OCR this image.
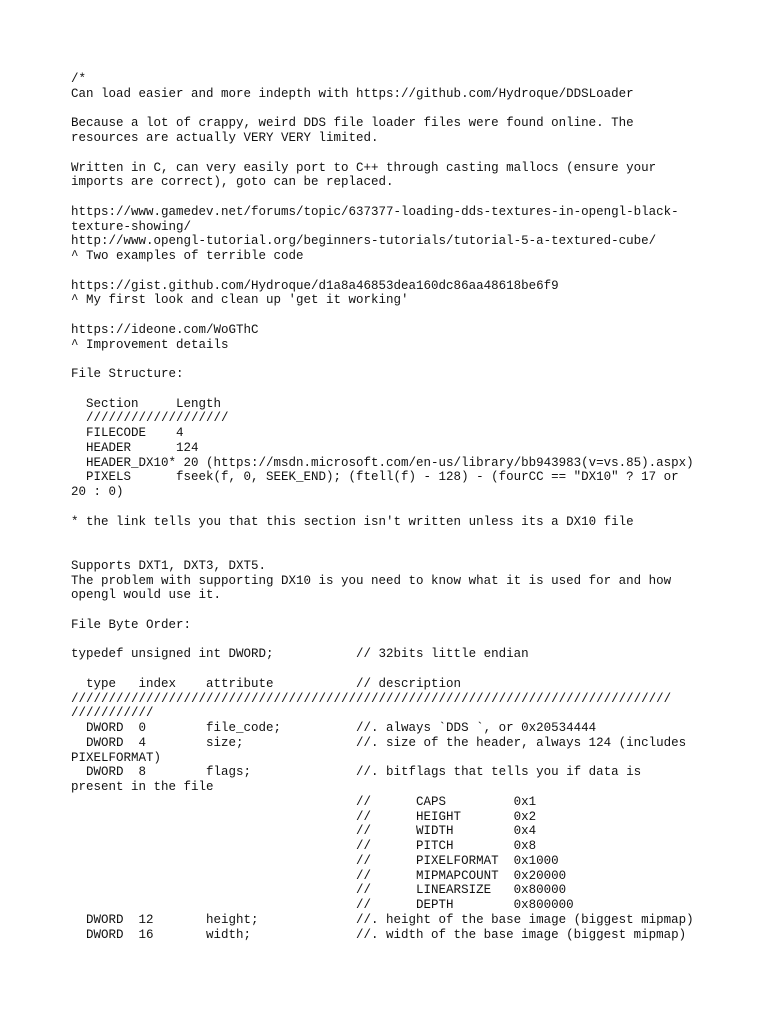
/*
Can load easier and more indepth with https://github.com/Hydroque/DDSLoader

Because a lot of crappy, weird DDS file loader files were found online. The
resources are actually VERY VERY limited.

Written in C, can very easily port to C++ through casting mallocs (ensure your
imports are correct), goto can be replaced.

https://www.gamedev.net/forums/topic/637377-loading-dds-textures-in-opengl-black-
texture-showing/
http://www.opengl-tutorial.org/beginners-tutorials/tutorial-5-a-textured-cube/
^ Two examples of terrible code

https://gist.github.com/Hydroque/d1a8a46853dea160dc86aa48618be6f9
^ My first look and clean up 'get it working'

https://ideone.com/WoGThC
^ Improvement details

File Structure:

Section     Length
///////////////////
FILECODE    4
HEADER      124
HEADER_DX10* 20 (https://msdn.microsoft.com/en-us/library/bb943983(v=vs.85).aspx)
PIXELS      fseek(f, 0, SEEK_END); (ftell(f) - 128) - (fourCC == "DX10" ? 17 or
20 : 0)

* the link tells you that this section isn't written unless its a DX10 file

Supports DXT1, DXT3, DXT5.
The problem with supporting DX10 is you need to know what it is used for and how
opengl would use it.

File Byte Order:

typedef unsigned int DWORD;           // 32bits little endian

type   index    attribute           // description
////////////////////////////////////////////////////////////////////////////////
///////////
DWORD  0        file_code;          //. always `DDS `, or 0x20534444
DWORD  4        size;               //. size of the header, always 124 (includes
PIXELFORMAT)
DWORD  8        flags;              //. bitflags that tells you if data is
present in the file
//      CAPS         0x1
//      HEIGHT       0x2
//      WIDTH        0x4
//      PITCH        0x8
//      PIXELFORMAT  0x1000
//      MIPMAPCOUNT  0x20000
//      LINEARSIZE   0x80000
//      DEPTH        0x800000
DWORD  12       height;             //. height of the base image (biggest mipmap)
DWORD  16       width;              //. width of the base image (biggest mipmap)
